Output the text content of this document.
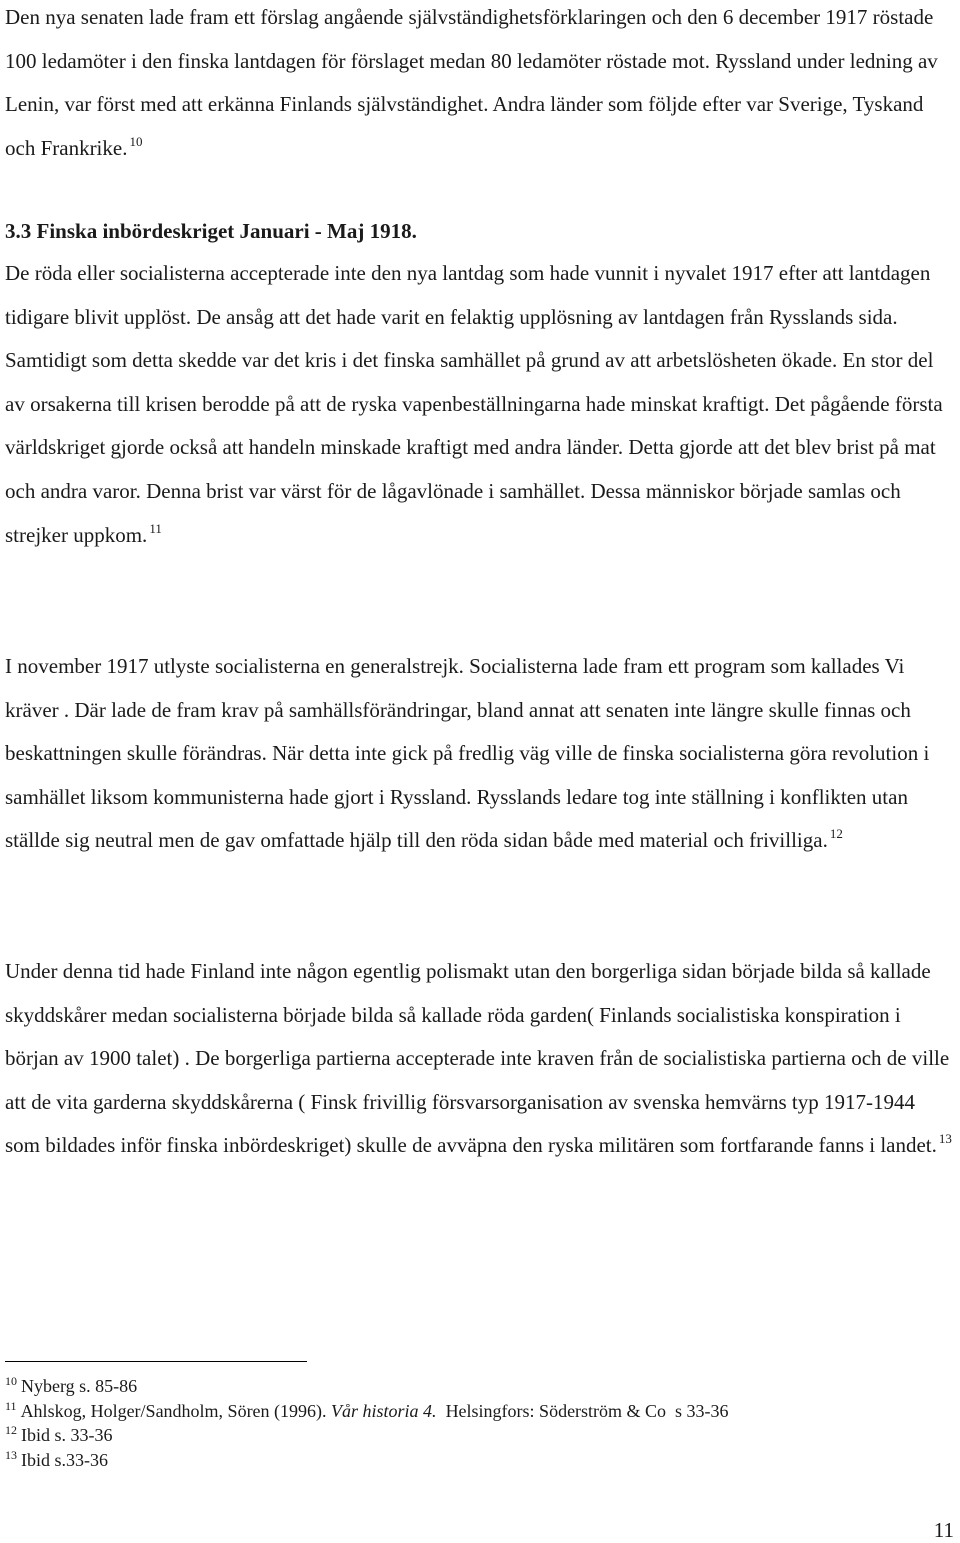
Den nya senaten lade fram ett förslag angående självständighetsförklaringen och den 6 december 1917 röstade 100 ledamöter i den finska lantdagen för förslaget medan 80 ledamöter röstade mot. Ryssland under ledning av Lenin, var först med att erkänna Finlands självständighet. Andra länder som följde efter var Sverige, Tyskand och Frankrike. $^{10}$

3.3 Finska inbördeskriget Januari - Maj 1918.

De röda eller socialisterna accepterade inte den nya lantdag som hade vunnit i nyvalet 1917 efter att lantdagen tidigare blivit upplöst. De ansåg att det hade varit en felaktig upplösning av lantdagen från Rysslands sida. Samtidigt som detta skedde var det kris i det finska samhället på grund av att arbetslösheten ökade. En stor del av orsakerna till krisen berodde på att de ryska vapenbeställningarna hade minskat kraftigt. Det pågående första världskriget gjorde också att handeln minskade kraftigt med andra länder. Detta gjorde att det blev brist på mat och andra varor. Denna brist var värst för de lågavlönade i samhället. Dessa människor började samlas och strejker uppkom. $^{11}$

I november 1917 utlyste socialisterna en generalstrejk. Socialisterna lade fram ett program som kallades Vi kräver . Där lade de fram krav på samhällsförändringar, bland annat att senaten inte längre skulle finnas och beskattningen skulle förändras. När detta inte gick på fredlig väg ville de finska socialisterna göra revolution i samhället liksom kommunisterna hade gjort i Ryssland. Rysslands ledare tog inte ställning i konflikten utan ställde sig neutral men de gav omfattade hjälp till den röda sidan både med material och frivilliga. $^{12}$

Under denna tid hade Finland inte någon egentlig polismakt utan den borgerliga sidan började bilda så kallade skyddskårer medan socialisterna började bilda så kallade röda garden( Finlands socialistiska konspiration i början av 1900 talet) . De borgerliga partierna accepterade inte kraven från de socialistiska partierna och de ville att de vita garderna skyddskårerna ( Finsk frivillig försvarsorganisation av svenska hemvärns typ 1917-1944 som bildades inför finska inbördeskriget) skulle de avväpna den ryska militären som fortfarande fanns i landet. $^{13}$

$^{10}$ Nyberg s. 85-86
$^{11}$ Ahlskog, Holger/Sandholm, Sören (1996). Vår historia 4.  Helsingfors: Söderström & Co  s 33-36
$^{12}$ Ibid s. 33-36
$^{13}$ Ibid s.33-36
11
